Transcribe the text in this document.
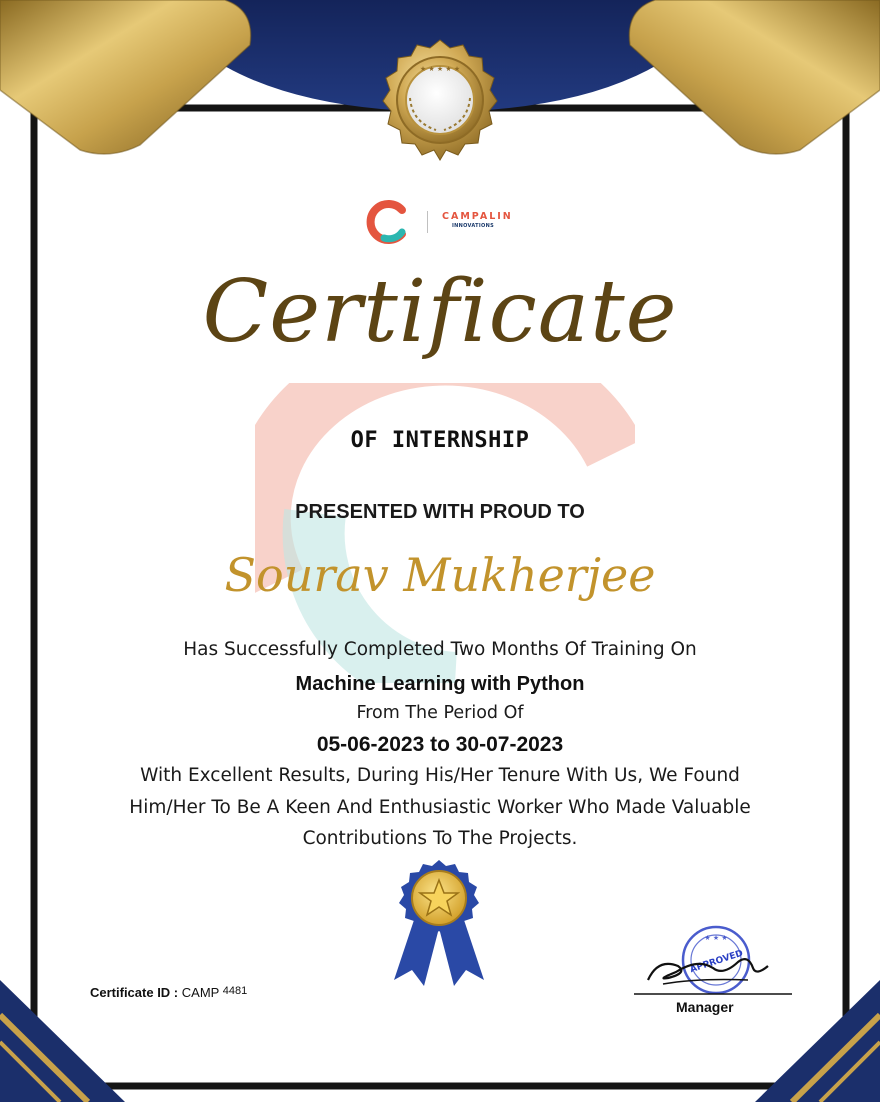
★ ★ ★ ★ ★
CAMPALIN
INNOVATIONS
Certificate
OF INTERNSHIP
PRESENTED WITH PROUD TO
Sourav Mukherjee
Has Successfully Completed Two Months Of Training On
Machine Learning with Python
From The Period Of
05-06-2023 to 30-07-2023
With Excellent Results, During His/Her Tenure With Us, We Found
Him/Her To Be A Keen And Enthusiastic Worker Who Made Valuable
Contributions To The Projects.
Certificate ID : CAMP $^{4481}$
APPROVED
★ ★ ★
Manager
